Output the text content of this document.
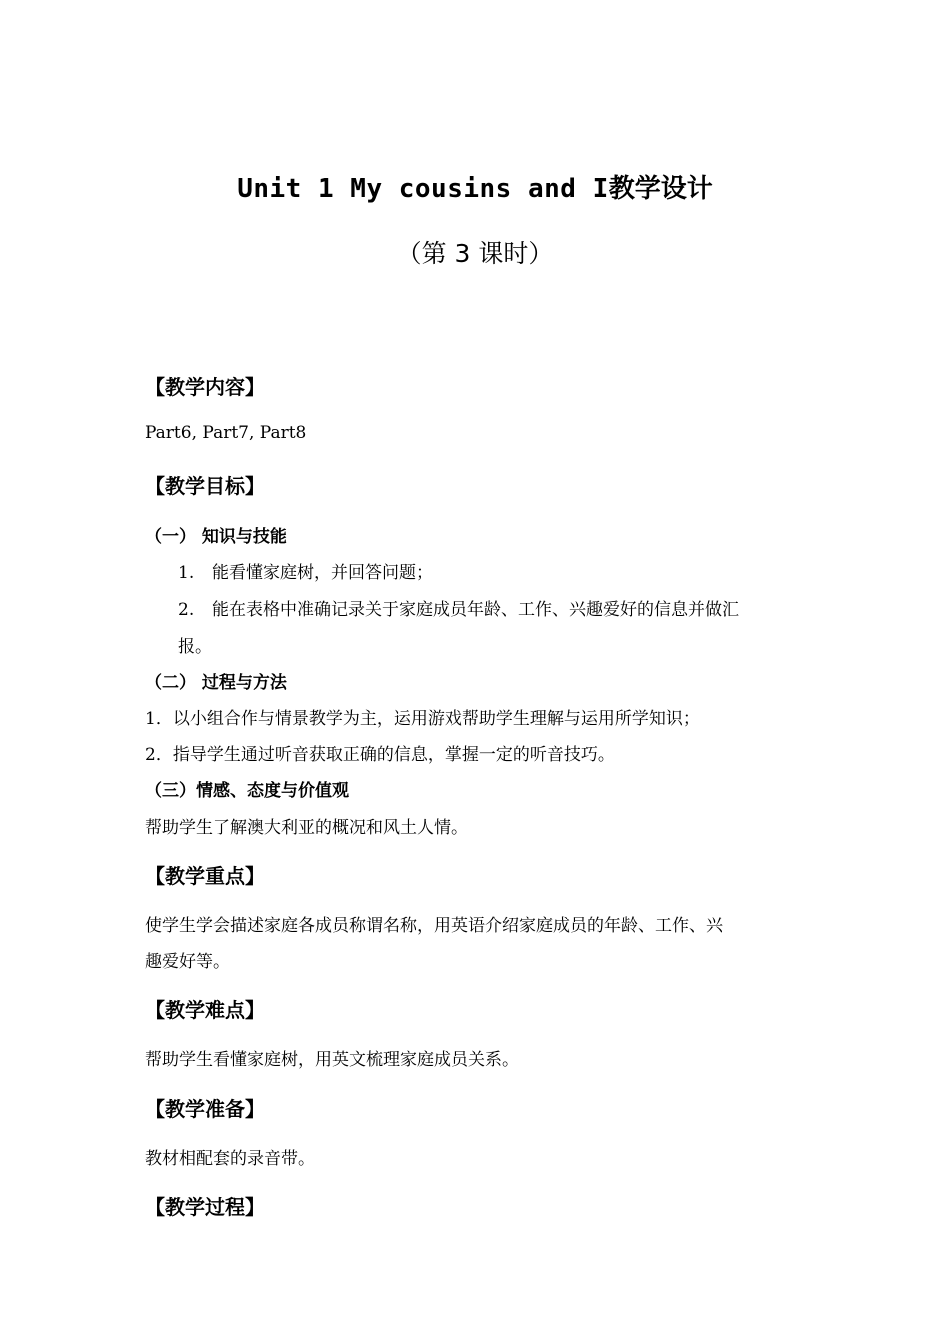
Unit 1 My cousins and I教学设计
（第 3 课时）
【教学内容】
Part6, Part7, Part8
【教学目标】
（一） 知识与技能
1. 能看懂家庭树，并回答问题；
2. 能在表格中准确记录关于家庭成员年龄、工作、兴趣爱好的信息并做汇
报。
（二） 过程与方法
1．以小组合作与情景教学为主，运用游戏帮助学生理解与运用所学知识；
2．指导学生通过听音获取正确的信息，掌握一定的听音技巧。
（三）情感、态度与价值观
帮助学生了解澳大利亚的概况和风土人情。
【教学重点】
使学生学会描述家庭各成员称谓名称，用英语介绍家庭成员的年龄、工作、兴
趣爱好等。
【教学难点】
帮助学生看懂家庭树，用英文梳理家庭成员关系。
【教学准备】
教材相配套的录音带。
【教学过程】
